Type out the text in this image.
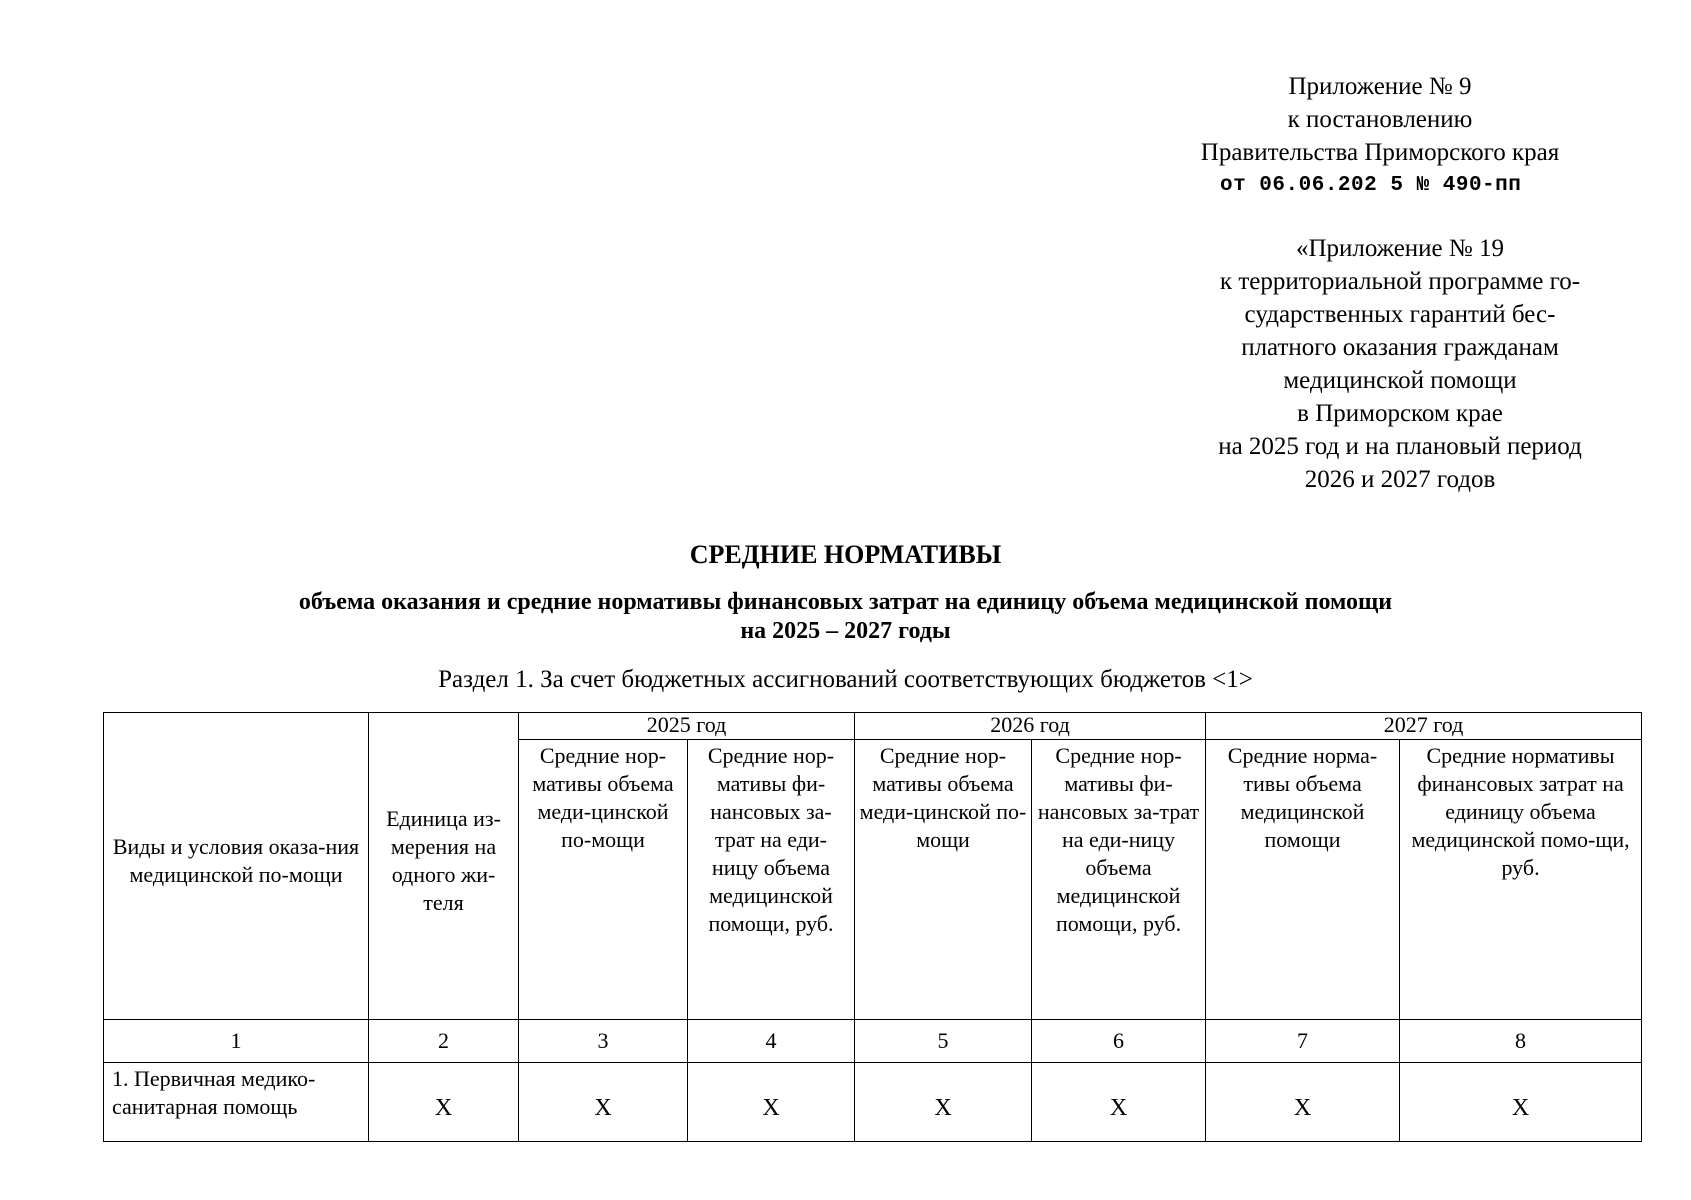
Приложение № 9
к постановлению
Правительства Приморского края
от 06.06.202 5 № 490-пп
«Приложение № 19
к территориальной программе го-
сударственных гарантий бес-
платного оказания гражданам
медицинской помощи
в Приморском крае
на 2025 год и на плановый период
2026 и 2027 годов
СРЕДНИЕ НОРМАТИВЫ
объема оказания и средние нормативы финансовых затрат на единицу объема медицинской помощи
на 2025 – 2027 годы
Раздел 1. За счет бюджетных ассигнований соответствующих бюджетов <1>
Виды и условия оказа-ния медицинской по-мощи	Единица из-мерения на одного жи-теля	2025 год		2026 год		2027 год	
		Средние нор-мативы объема меди-цинской по-мощи	Средние нор-мативы фи-нансовых за-трат на еди-ницу объема медицинской помощи, руб.	Средние нор-мативы объема меди-цинской по-мощи	Средние нор-мативы фи-нансовых за-трат на еди-ницу объема медицинской помощи, руб.	Средние норма-тивы объема медицинской помощи	Средние нормативы финансовых затрат на единицу объема медицинской помо-щи, руб.
1	2	3	4	5	6	7	8
1. Первичная медико-санитарная помощь	Х	Х	Х	Х	Х	Х	Х
